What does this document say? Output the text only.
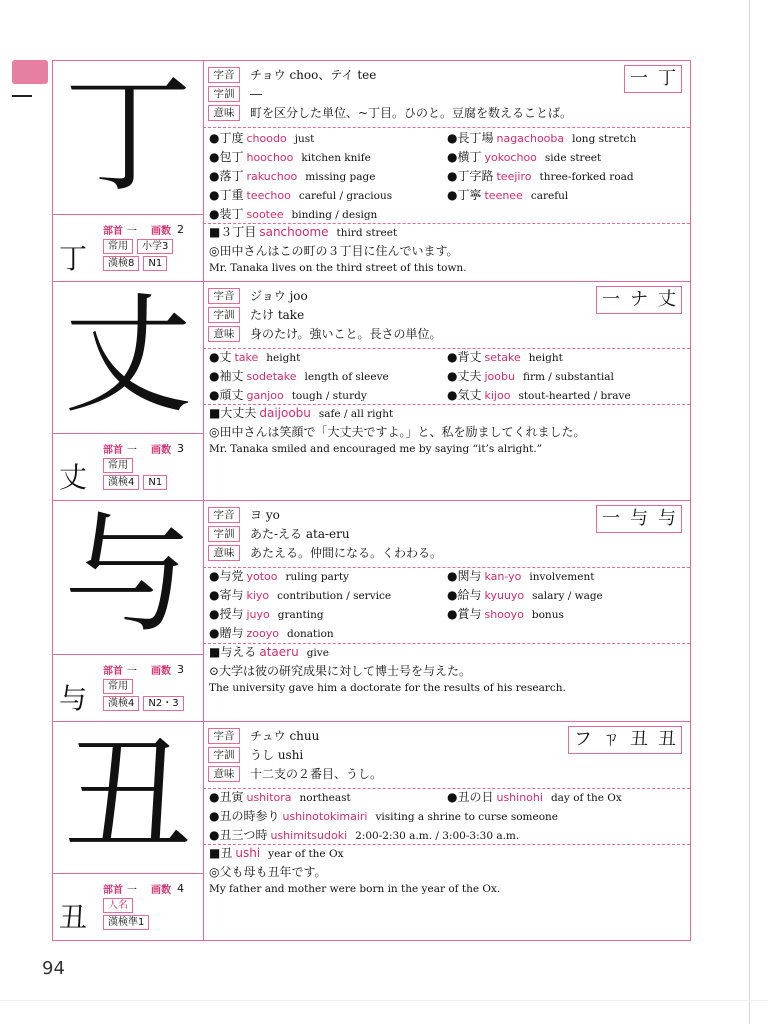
丁
丁
部首 一 画数 2
常用	小学3
漢検8	N1
字音	チョウ choo、テイ tee
字訓	―
意味	町を区分した単位、~丁目。ひのと。豆腐を数えることば。
一 丁
●丁度 choodo just	●長丁場 nagachooba long stretch
●包丁 hoochoo kitchen knife	●横丁 yokochoo side street
●落丁 rakuchoo missing page	●丁字路 teejiro three-forked road
●丁重 teechoo careful / gracious	●丁寧 teenee careful
●装丁 sootee binding / design
■３丁目 sanchoome third street
◎田中さんはこの町の３丁目に住んでいます。
Mr. Tanaka lives on the third street of this town.
丈
丈
部首 一 画数 3
常用
漢検4	N1
字音	ジョウ joo
字訓	たけ take
意味	身のたけ。強いこと。長さの単位。
一 ナ 丈
●丈 take height	●背丈 setake height
●袖丈 sodetake length of sleeve	●丈夫 joobu firm / substantial
●頑丈 ganjoo tough / sturdy	●気丈 kijoo stout-hearted / brave
■大丈夫 daijoobu safe / all right
◎田中さんは笑顔で「大丈夫ですよ。」と、私を励ましてくれました。
Mr. Tanaka smiled and encouraged me by saying “it’s alright.”
与
与
部首 一 画数 3
常用
漢検4	N2・3
字音	ヨ yo
字訓	あた-える ata-eru
意味	あたえる。仲間になる。くわわる。
一 与 与
●与党 yotoo ruling party	●関与 kan-yo involvement
●寄与 kiyo contribution / service	●給与 kyuuyo salary / wage
●授与 juyo granting	●賞与 shooyo bonus
●贈与 zooyo donation
■与える ataeru give
⊙大学は彼の研究成果に対して博士号を与えた。
The university gave him a doctorate for the results of his research.
丑
丑
部首 一 画数 4
人名
漢検準1
字音	チュウ chuu
字訓	うし ushi
意味	十二支の２番目、うし。
フ ㄗ 丑 丑
●丑寅 ushitora northeast	●丑の日 ushinohi day of the Ox
●丑の時参り ushinotokimairi visiting a shrine to curse someone
●丑三つ時 ushimitsudoki 2:00-2:30 a.m. / 3:00-3:30 a.m.
■丑 ushi year of the Ox
◎父も母も丑年です。
My father and mother were born in the year of the Ox.
94
